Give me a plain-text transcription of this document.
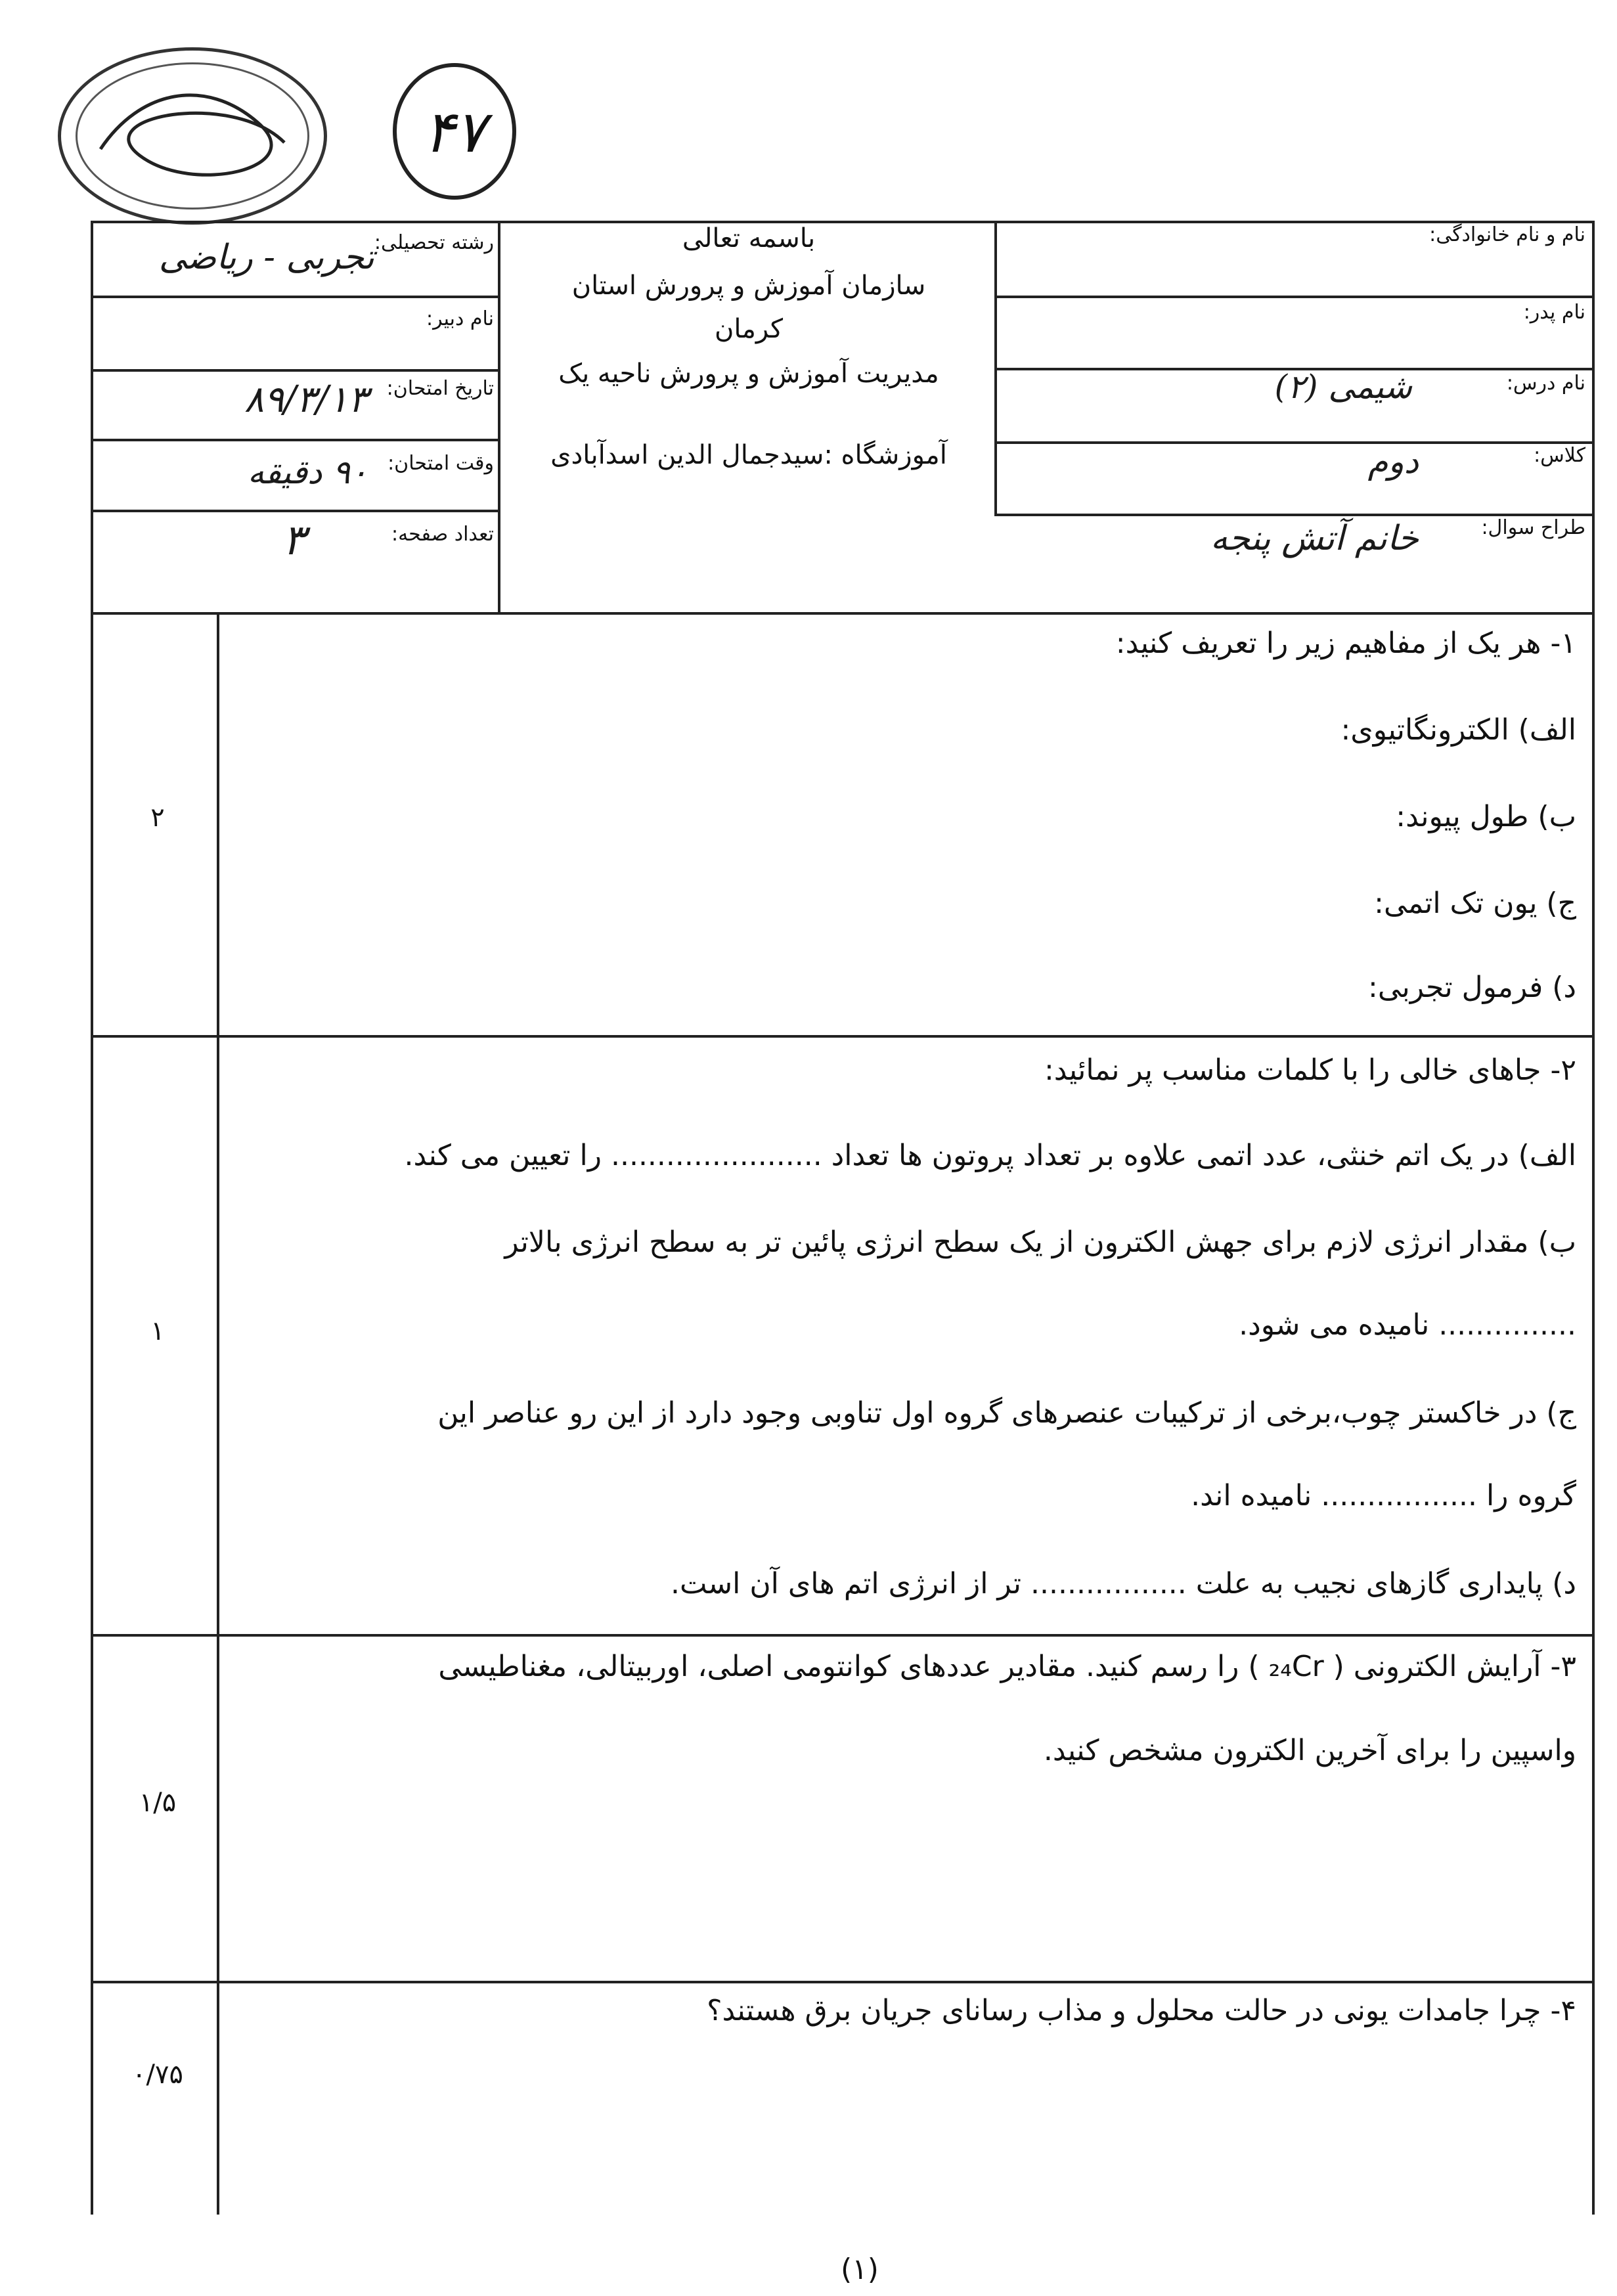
۴۷
رشته تحصیلی:
تجربی - ریاضی
نام دبیر:
تاریخ امتحان:
۸۹/۳/۱۳
وقت امتحان:
۹۰ دقیقه
تعداد صفحه:
۳
باسمه تعالی
سازمان آموزش و پرورش استان
کرمان
مدیریت آموزش و پرورش ناحیه یک
آموزشگاه :سیدجمال الدین اسدآبادی
نام و نام خانوادگی:
نام پدر:
نام درس:
شیمی (۲)
کلاس:
دوم
طراح سوال:
خانم آتش پنجه
۱- هر یک از مفاهیم زیر را تعریف کنید:
الف) الکترونگاتیوی:
ب) طول پیوند:
ج) یون تک اتمی:
د) فرمول تجربی:
۲
۲- جاهای خالی را با کلمات مناسب پر نمائید:
الف) در یک اتم خنثی، عدد اتمی علاوه بر تعداد پروتون ها تعداد ....................... را تعیین می کند.
ب) مقدار انرژی لازم برای جهش الکترون از یک سطح انرژی پائین تر به سطح انرژی بالاتر
............... نامیده می شود.
ج) در خاکستر چوب،برخی از ترکیبات عنصرهای گروه اول تناوبی وجود دارد از این رو عناصر این
گروه را ................. نامیده اند.
د) پایداری گازهای نجیب به علت ................. تر از انرژی اتم های آن است.
۱
۳- آرایش الکترونی ( ₂₄Cr ) را رسم کنید. مقادیر عددهای کوانتومی اصلی، اوربیتالی، مغناطیسی
واسپین را برای آخرین الکترون مشخص کنید.
۱/۵
۴- چرا جامدات یونی در حالت محلول و مذاب رسانای جریان برق هستند؟
۰/۷۵
(۱)
